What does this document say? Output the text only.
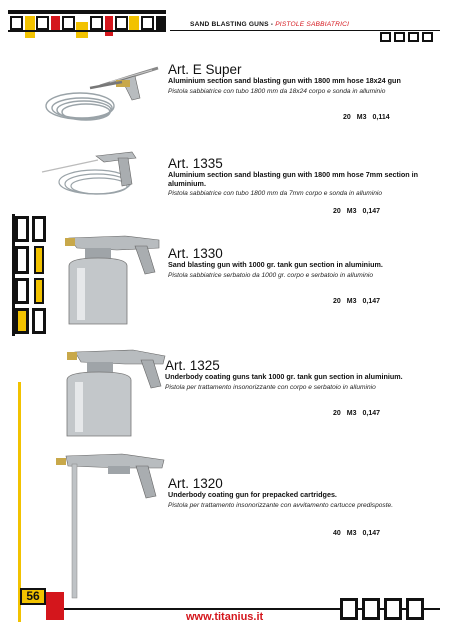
SAND BLASTING GUNS - PISTOLE SABBIATRICI
Art. E Super
Aluminium section sand blasting gun with 1800 mm hose 18x24 gun
Pistola sabbiatrice con tubo 1800 mm da 18x24 corpo e sonda in alluminio
20 M3 0,114
Art. 1335
Aluminium section sand blasting gun with 1800 mm hose 7mm section in aluminium.
Pistola sabbiatrice con tubo 1800 mm da 7mm corpo e sonda in alluminio
20 M3 0,147
Art. 1330
Sand blasting gun with 1000 gr. tank gun section in aluminium.
Pistola sabbiatrice serbatoio da 1000 gr. corpo e serbatoio in alluminio
20 M3 0,147
Art. 1325
Underbody coating guns tank 1000 gr. tank gun section in aluminium.
Pistola per trattamento insonorizzante con corpo e serbatoio in alluminio
20 M3 0,147
Art. 1320
Underbody coating gun for prepacked cartridges.
Pistola per trattamento insonorizzante con avvitamento cartucce predisposte.
40 M3 0,147
56
www.titanius.it
